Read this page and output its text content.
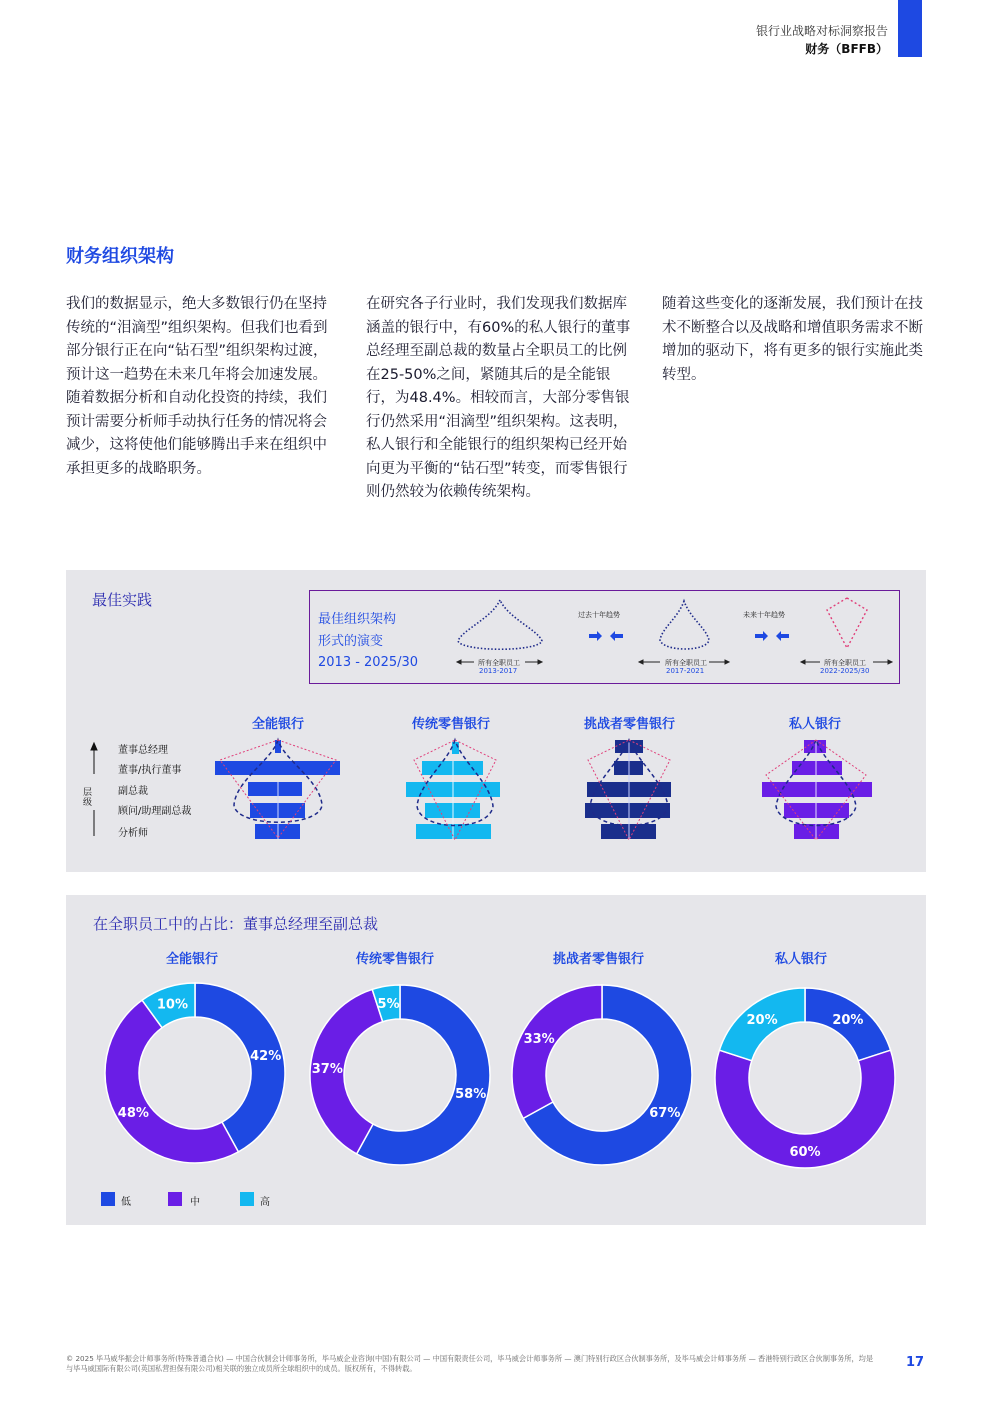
银行业战略对标洞察报告
财务（BFFB）
财务组织架构
我们的数据显示，绝大多数银行仍在坚持传统的“泪滴型”组织架构。但我们也看到部分银行正在向“钻石型”组织架构过渡，预计这一趋势在未来几年将会加速发展。随着数据分析和自动化投资的持续，我们预计需要分析师手动执行任务的情况将会减少，这将使他们能够腾出手来在组织中承担更多的战略职务。
在研究各子行业时，我们发现我们数据库涵盖的银行中，有60%的私人银行的董事总经理至副总裁的数量占全职员工的比例在25-50%之间，紧随其后的是全能银行，为48.4%。相较而言，大部分零售银行仍然采用“泪滴型”组织架构。这表明，私人银行和全能银行的组织架构已经开始向更为平衡的“钻石型”转变，而零售银行则仍然较为依赖传统架构。
随着这些变化的逐渐发展，我们预计在技术不断整合以及战略和增值职务需求不断增加的驱动下，将有更多的银行实施此类转型。
最佳实践
最佳组织架构
形式的演变
2013 - 2025/30
过去十年趋势	未来十年趋势
所有全职员工	所有全职员工	所有全职员工
2013-2017	2017-2021	2022-2025/30
全能银行	传统零售银行	挑战者零售银行	私人银行
董事总经理
董事/执行董事
副总裁
顾问/助理副总裁
分析师
层级
在全职员工中的占比：董事总经理至副总裁
全能银行	传统零售银行	挑战者零售银行	私人银行
42%
48%
10%
58%
37%
5%
67%
33%
20%
60%
20%
低	中	高
© 2025 毕马威华振会计师事务所(特殊普通合伙) — 中国合伙制会计师事务所，毕马威企业咨询(中国)有限公司 — 中国有限责任公司，毕马威会计师事务所 — 澳门特别行政区合伙制事务所，及毕马威会计师事务所 — 香港特别行政区合伙制事务所，均是与毕马威国际有限公司(英国私营担保有限公司)相关联的独立成员所全球组织中的成员。版权所有，不得转载。	17
